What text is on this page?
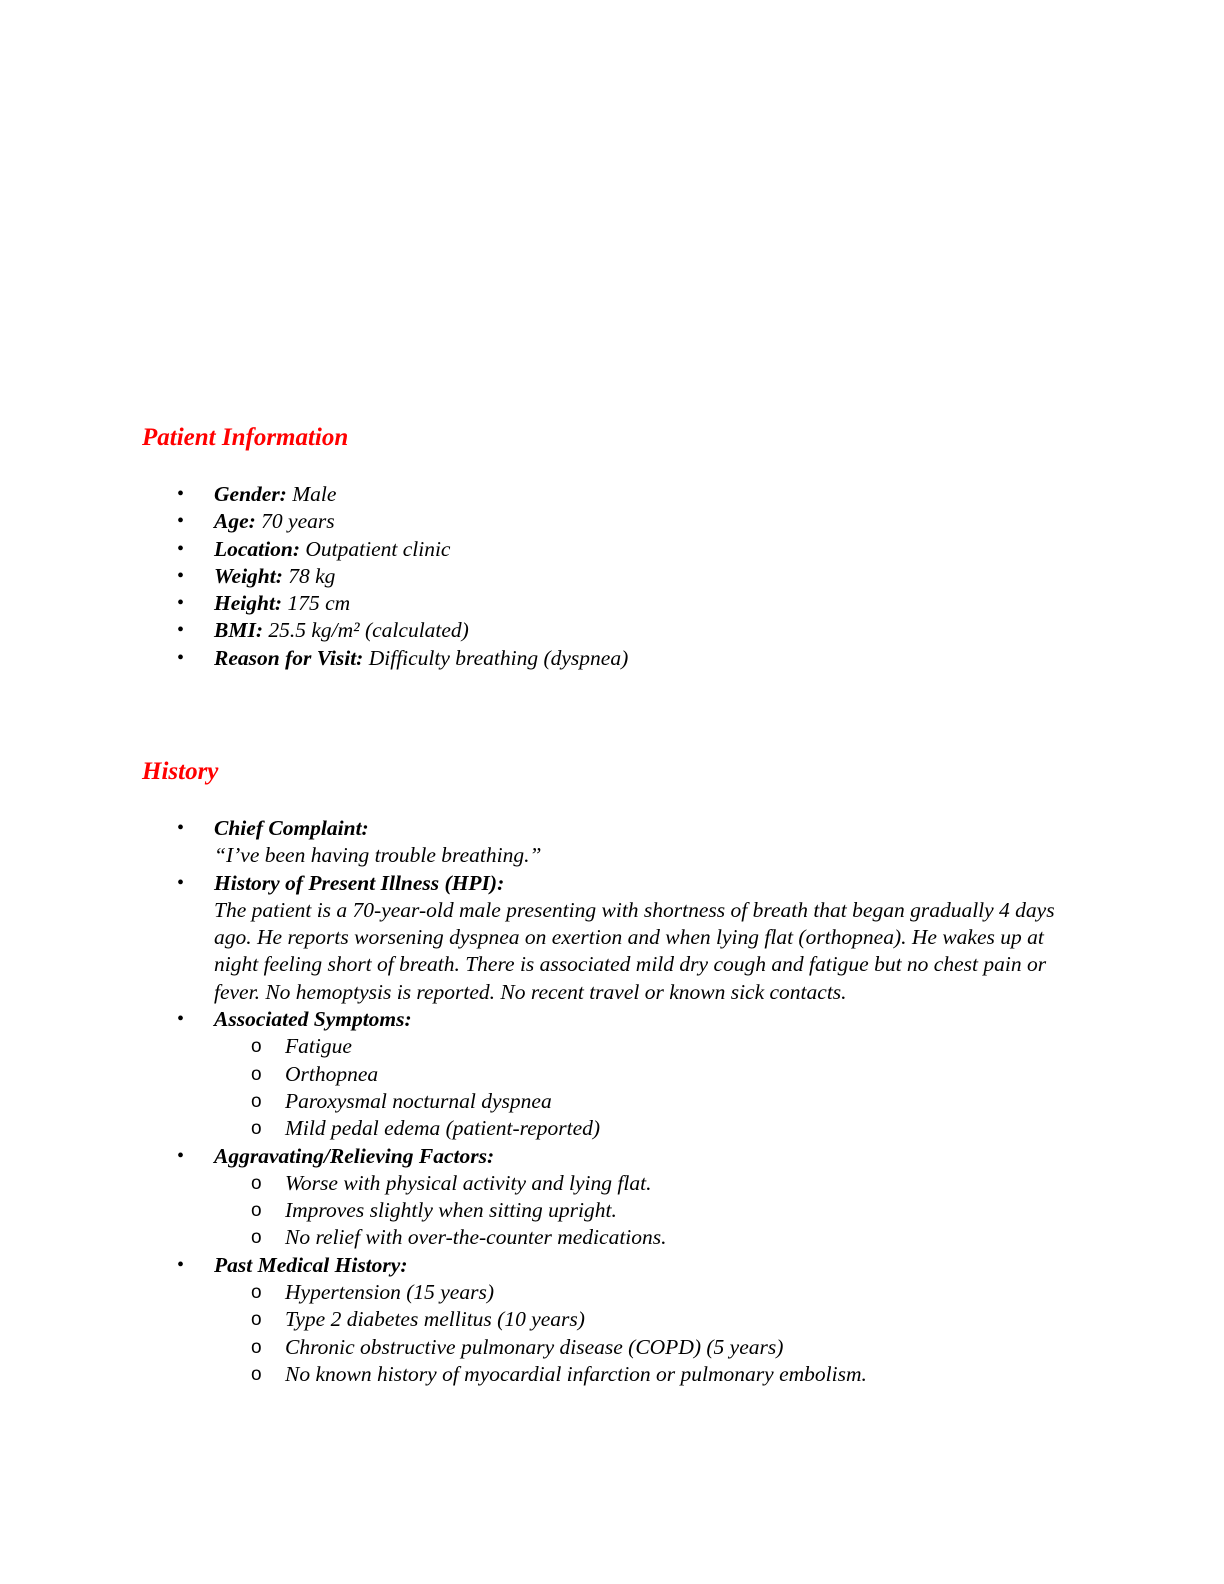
Patient Information
• Gender: Male
• Age: 70 years
• Location: Outpatient clinic
• Weight: 78 kg
• Height: 175 cm
• BMI: 25.5 kg/m² (calculated)
• Reason for Visit: Difficulty breathing (dyspnea)
History
• Chief Complaint:
“I’ve been having trouble breathing.”
• History of Present Illness (HPI):
The patient is a 70-year-old male presenting with shortness of breath that began gradually 4 days ago. He reports worsening dyspnea on exertion and when lying flat (orthopnea). He wakes up at night feeling short of breath. There is associated mild dry cough and fatigue but no chest pain or fever. No hemoptysis is reported. No recent travel or known sick contacts.
• Associated Symptoms:
o Fatigue
o Orthopnea
o Paroxysmal nocturnal dyspnea
o Mild pedal edema (patient-reported)
• Aggravating/Relieving Factors:
o Worse with physical activity and lying flat.
o Improves slightly when sitting upright.
o No relief with over-the-counter medications.
• Past Medical History:
o Hypertension (15 years)
o Type 2 diabetes mellitus (10 years)
o Chronic obstructive pulmonary disease (COPD) (5 years)
o No known history of myocardial infarction or pulmonary embolism.
